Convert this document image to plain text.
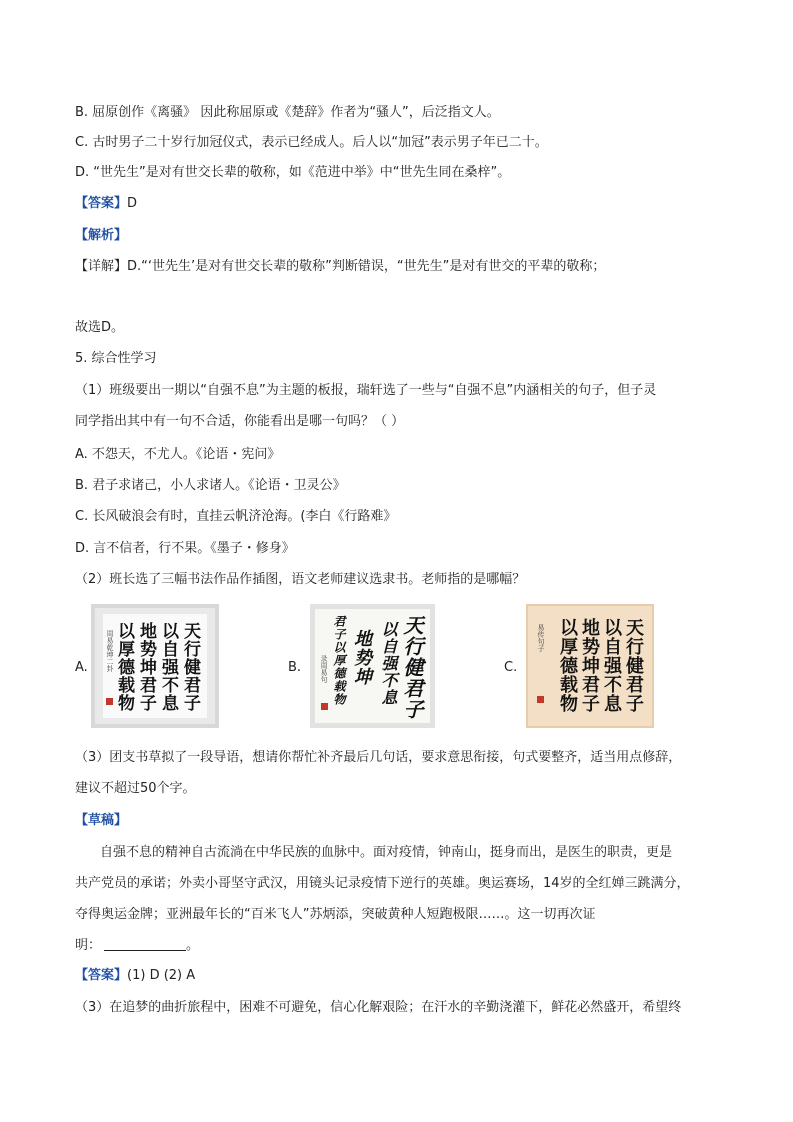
B. 屈原创作《离骚》 因此称屈原或《楚辞》作者为“骚人”，后泛指文人。
C. 古时男子二十岁行加冠仪式，表示已经成人。后人以“加冠”表示男子年已二十。
D. “世先生”是对有世交长辈的敬称，如《范进中举》中“世先生同在桑梓”。
【答案】D
【解析】
【详解】D.“‘世先生’是对有世交长辈的敬称”判断错误，“世先生”是对有世交的平辈的敬称；
故选D。
5. 综合性学习
（1）班级要出一期以“自强不息”为主题的板报，瑞轩选了一些与“自强不息”内涵相关的句子，但子灵
同学指出其中有一句不合适，你能看出是哪一句吗？（ ）
A. 不怨天，不尤人。《论语・宪问》
B. 君子求诸己，小人求诸人。《论语・卫灵公》
C. 长风破浪会有时，直挂云帆济沧海。(李白《行路难》
D. 言不信者，行不果。《墨子・修身》
（2）班长选了三幅书法作品作插图，语文老师建议选隶书。老师指的是哪幅？
A.	天行健君子
以自强不息
地势坤君子
以厚德载物
周易乾坤二卦	B.	天行健君子
以自强不息
地势坤
君子以厚德载物
录周易句	C.	天行健君子
以自强不息
地势坤君子
以厚德载物
易传句子
（3）团支书草拟了一段导语，想请你帮忙补齐最后几句话，要求意思衔接，句式要整齐，适当用点修辞，
建议不超过50个字。
【草稿】
自强不息的精神自古流淌在中华民族的血脉中。面对疫情，钟南山，挺身而出，是医生的职责，更是
共产党员的承诺；外卖小哥坚守武汉，用镜头记录疫情下逆行的英雄。奥运赛场，14岁的全红婵三跳满分，
夺得奥运金牌；亚洲最年长的“百米飞人”苏炳添，突破黄种人短跑极限……。这一切再次证
明：	。
【答案】(1) D (2) A
（3）在追梦的曲折旅程中，困难不可避免，信心化解艰险；在汗水的辛勤浇灌下，鲜花必然盛开，希望终
